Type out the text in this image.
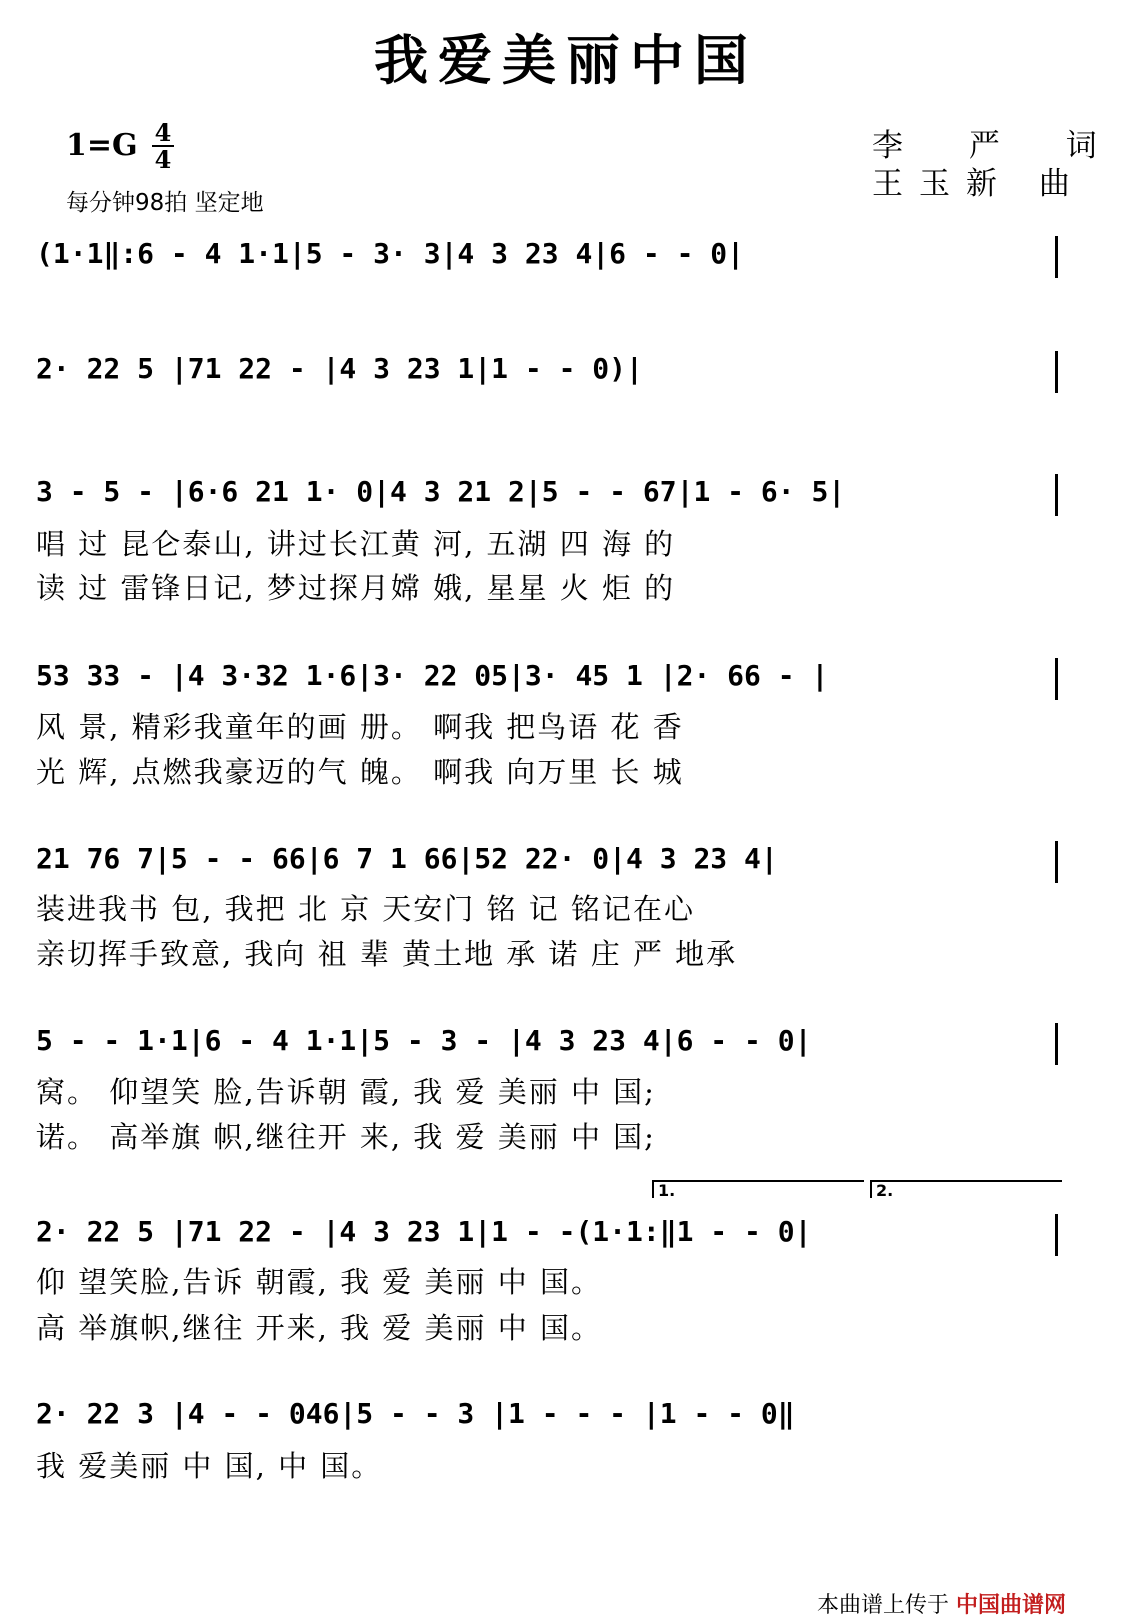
我爱美丽中国
1=G 4
4
每分钟98拍 坚定地
李 严 词
王玉新 曲
(1·1‖:6 - 4 1·1|5 - 3· 3|4 3 23 4|6 - - 0|
2· 22 5 |71 22 - |4 3 23 1|1 - - 0)|
3 - 5 - |6·6 21 1· 0|4 3 21 2|5 - - 67|1 - 6· 5|
唱 过 昆仑泰山, 讲过长江黄 河, 五湖 四 海 的
读 过 雷锋日记, 梦过探月嫦 娥, 星星 火 炬 的
53 33 - |4 3·32 1·6|3· 22 05|3· 45 1 |2· 66 - |
风 景, 精彩我童年的画 册。 啊我 把鸟语 花 香
光 辉, 点燃我豪迈的气 魄。 啊我 向万里 长 城
21 76 7|5 - - 66|6 7 1 66|52 22· 0|4 3 23 4|
装进我书 包, 我把 北 京 天安门 铭 记 铭记在心
亲切挥手致意, 我向 祖 辈 黄土地 承 诺 庄 严 地承
5 - - 1·1|6 - 4 1·1|5 - 3 - |4 3 23 4|6 - - 0|
窝。 仰望笑 脸,告诉朝 霞, 我 爱 美丽 中 国;
诺。 高举旗 帜,继往开 来, 我 爱 美丽 中 国;
1.	2.
2· 22 5 |71 22 - |4 3 23 1|1 - -(1·1:‖1 - - 0|
仰 望笑脸,告诉 朝霞, 我 爱 美丽 中 国。
高 举旗帜,继往 开来, 我 爱 美丽 中 国。
2· 22 3 |4 - - 046|5 - - 3 |1 - - - |1 - - 0‖
我 爱美丽 中 国, 中 国。
本曲谱上传于 中国曲谱网
